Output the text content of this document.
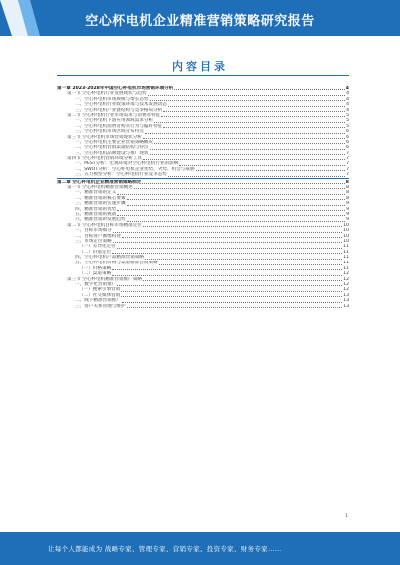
空心杯电机企业精准营销策略研究报告
内容目录
第一章 2023-2028年中国空心杯电机市场营销环境分析	4
第一节 空心杯电机行业发展现状与趋势	4
一、空心杯电机市场规模与增长态势	4
二、空心杯电机行业政策环境与技术发展动态	4
三、空心杯电机产业链结构与竞争格局分析	4
第二节 空心杯电机行业市场需求与消费者特征	5
一、空心杯电机下游应用领域需求分析	5
二、空心杯电机消费者购买行为与偏好特征	5
三、空心杯电机市场区域分布特点	6
第三节 空心杯电机市场营销现状分析	6
一、空心杯电机主要企业营销策略概况	6
二、空心杯电机营销渠道结构与特点	6
三、空心杯电机品牌建设与推广现状	7
第四节 空心杯电机营销环境分析工具	7
一、PEST分析：宏观环境对空心杯电机行业的影响	7
二、SWOT分析：空心杯电机企业优势、劣势、机会与威胁	7
三、五力模型分析：空心杯电机行业竞争态势	7
第二章 空心杯电机企业精准营销策略制定	8
第一节 空心杯电机精准营销概述	8
一、精准营销的定义	8
二、精准营销的核心要素	8
三、精准营销的实施步骤	9
四、精准营销的优势	9
五、精准营销的挑战	9
六、精准营销的发展趋势	9
第二节 空心杯电机目标市场精准定位	10
一、目标市场细分	10
二、目标客户画像构建	10
三、市场定位策略	10
（一）差异化定位	11
（二）价值定位	11
四、空心杯电机产品精准营销策略	11
五、空心杯电机价格与渠道精准营销策略	11
（一）价格策略	11
（二）渠道策略	12
第三节 空心杯电机精准营销推广策略	12
一、数字化营销推广	12
（一）搜索引擎营销	12
（二）社交媒体营销	13
二、线下精准营销推广	13
三、客户关系管理与维护	13
1
让每个人都能成为 战略专家、管理专家、营销专家、投资专家、财务专家……
